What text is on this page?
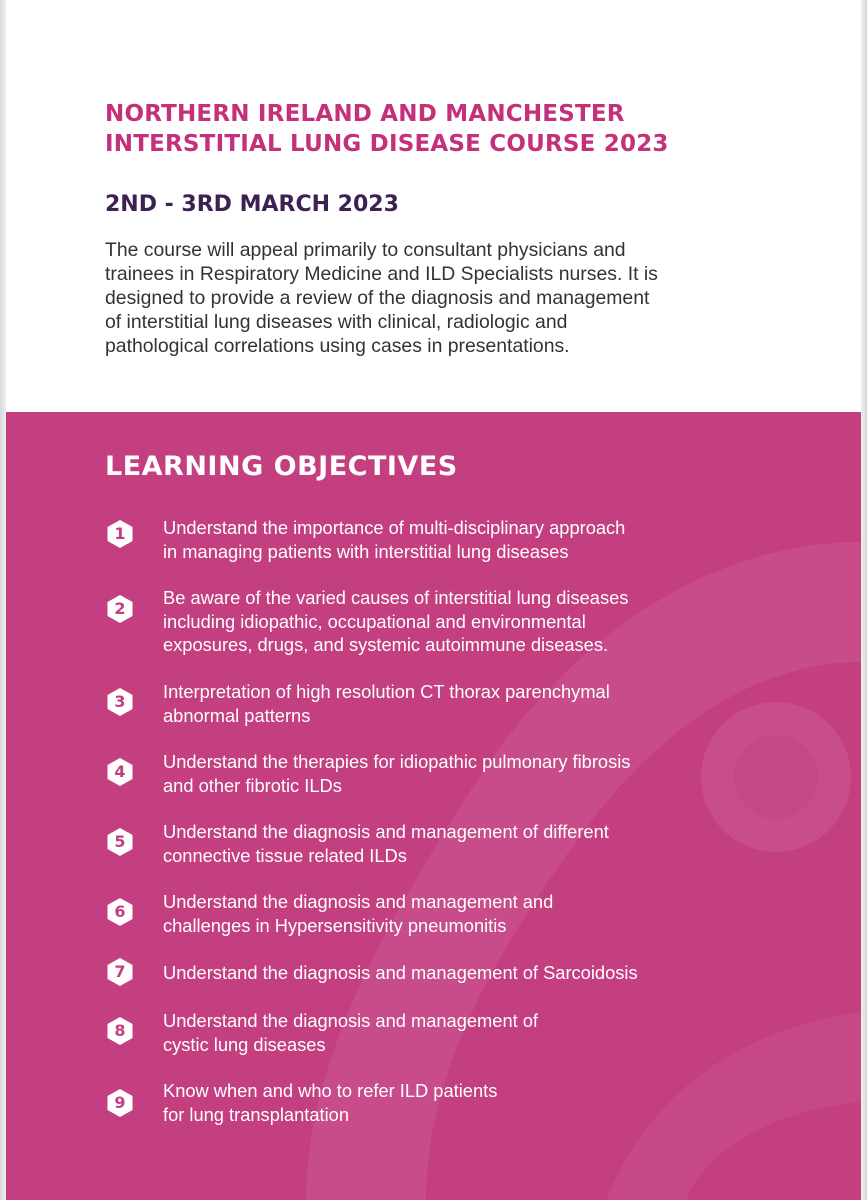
NORTHERN IRELAND AND MANCHESTER
INTERSTITIAL LUNG DISEASE COURSE 2023
2ND - 3RD MARCH 2023

The course will appeal primarily to consultant physicians and
trainees in Respiratory Medicine and ILD Specialists nurses. It is
designed to provide a review of the diagnosis and management
of interstitial lung diseases with clinical, radiologic and
pathological correlations using cases in presentations.

LEARNING OBJECTIVES
1	Understand the importance of multi-disciplinary approach
in managing patients with interstitial lung diseases

2

Be aware of the varied causes of interstitial lung diseases
including idiopathic, occupational and environmental
exposures, drugs, and systemic autoimmune diseases.

3	Interpretation of high resolution CT thorax parenchymal
abnormal patterns

4	Understand the therapies for idiopathic pulmonary fibrosis
and other fibrotic ILDs

5	Understand the diagnosis and management of different
connective tissue related ILDs

6	Understand the diagnosis and management and
challenges in Hypersensitivity pneumonitis

7	Understand the diagnosis and management of Sarcoidosis

8	Understand the diagnosis and management of
cystic lung diseases

9

Know when and who to refer ILD patients
for lung transplantation
